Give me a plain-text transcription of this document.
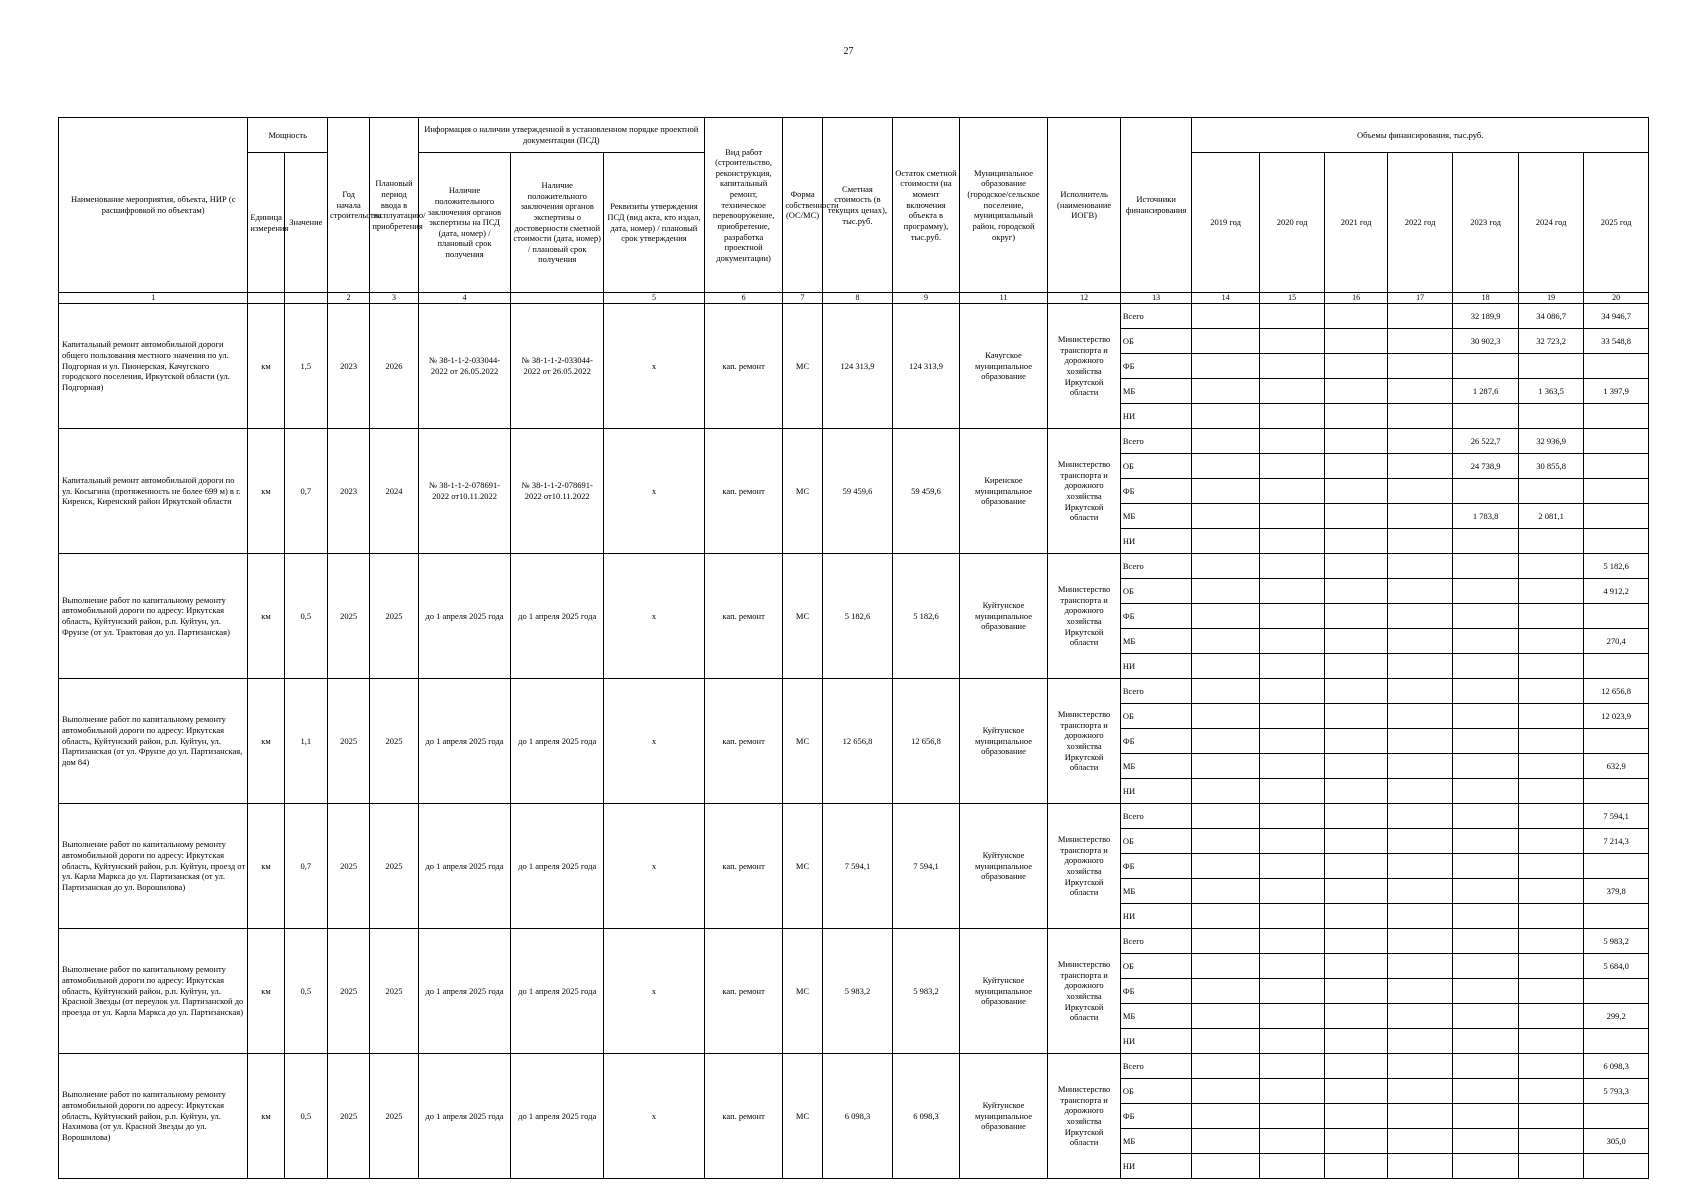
27
Наименование мероприятия, объекта, НИР (с расшифровкой по объектам)	Мощность		Год начала строительства	Плановый период ввода в эксплуатацию/приобретения	Информация о наличии утвержденной в установленном порядке проектной документации (ПСД)			Вид работ (строительство, реконструкция, капитальный ремонт, техническое перевооружение, приобретение, разработка проектной документации)	Форма собственности (ОС/МС)	Сметная стоимость (в текущих ценах), тыс.руб.	Остаток сметной стоимости (на момент включения объекта в программу), тыс.руб.	Муниципальное образование (городское/сельское поселение, муниципальный район, городской округ)	Исполнитель (наименование ИОГВ)	Источники финансирования	Объемы финансирования, тыс.руб.						
	Единица измерения	Значение			Наличие положительного заключения органов экспертизы на ПСД (дата, номер) / плановый срок получения	Наличие положительного заключения органов экспертизы о достоверности сметной стоимости (дата, номер) / плановый срок получения	Реквизиты утверждения ПСД (вид акта, кто издал, дата, номер) / плановый срок утверждения								2019 год	2020 год	2021 год	2022 год	2023 год	2024 год	2025 год
1			2	3	4		5	6	7	8	9	11	12	13	14	15	16	17	18	19	20
Капитальный ремонт автомобильной дороги общего пользования местного значения по ул. Подгорная и ул. Пионерская, Качугского городского поселения, Иркутской области (ул. Подгорная)	км	1,5	2023	2026	№ 38-1-1-2-033044-2022 от 26.05.2022	№ 38-1-1-2-033044-2022 от 26.05.2022	х	кап. ремонт	МС	124 313,9	124 313,9	Качугское муниципальное образование	Министерство транспорта и дорожного хозяйства Иркутской области	Всего					32 189,9	34 086,7	34 946,7
														ОБ					30 902,3	32 723,2	33 548,8
														ФБ							
														МБ					1 287,6	1 363,5	1 397,9
														НИ							
Капитальный ремонт автомобильной дороги по ул. Косыгина (протяженность не более 699 м) в г. Киренск, Киренский район Иркутской области	км	0,7	2023	2024	№ 38-1-1-2-078691-2022 от10.11.2022	№ 38-1-1-2-078691-2022 от10.11.2022	х	кап. ремонт	МС	59 459,6	59 459,6	Киренское муниципальное образование	Министерство транспорта и дорожного хозяйства Иркутской области	Всего					26 522,7	32 936,9	
														ОБ					24 738,9	30 855,8	
														ФБ							
														МБ					1 783,8	2 081,1	
														НИ							
Выполнение работ по капитальному ремонту автомобильной дороги по адресу: Иркутская область, Куйтунский район, р.п. Куйтун, ул. Фрунзе (от ул. Трактовая до ул. Партизанская)	км	0,5	2025	2025	до 1 апреля 2025 года	до 1 апреля 2025 года	х	кап. ремонт	МС	5 182,6	5 182,6	Куйтунское муниципальное образование	Министерство транспорта и дорожного хозяйства Иркутской области	Всего							5 182,6
														ОБ							4 912,2
														ФБ							
														МБ							270,4
														НИ							
Выполнение работ по капитальному ремонту автомобильной дороги по адресу: Иркутская область, Куйтунский район, р.п. Куйтун, ул. Партизанская (от ул. Фрунзе до ул. Партизанская, дом 84)	км	1,1	2025	2025	до 1 апреля 2025 года	до 1 апреля 2025 года	х	кап. ремонт	МС	12 656,8	12 656,8	Куйтунское муниципальное образование	Министерство транспорта и дорожного хозяйства Иркутской области	Всего							12 656,8
														ОБ							12 023,9
														ФБ							
														МБ							632,9
														НИ							
Выполнение работ по капитальному ремонту автомобильной дороги по адресу: Иркутская область, Куйтунский район, р.п. Куйтун, проезд от ул. Карла Маркса до ул. Партизанская (от ул. Партизанская до ул. Ворошилова)	км	0,7	2025	2025	до 1 апреля 2025 года	до 1 апреля 2025 года	х	кап. ремонт	МС	7 594,1	7 594,1	Куйтунское муниципальное образование	Министерство транспорта и дорожного хозяйства Иркутской области	Всего							7 594,1
														ОБ							7 214,3
														ФБ							
														МБ							379,8
														НИ							
Выполнение работ по капитальному ремонту автомобильной дороги по адресу: Иркутская область, Куйтунский район, р.п. Куйтун, ул. Красной Звезды (от переулок ул. Партизанской до проезда от ул. Карла Маркса до ул. Партизанская)	км	0,5	2025	2025	до 1 апреля 2025 года	до 1 апреля 2025 года	х	кап. ремонт	МС	5 983,2	5 983,2	Куйтунское муниципальное образование	Министерство транспорта и дорожного хозяйства Иркутской области	Всего							5 983,2
														ОБ							5 684,0
														ФБ							
														МБ							299,2
														НИ							
Выполнение работ по капитальному ремонту автомобильной дороги по адресу: Иркутская область, Куйтунский район, р.п. Куйтун, ул. Нахимова (от ул. Красной Звезды до ул. Ворошилова)	км	0,5	2025	2025	до 1 апреля 2025 года	до 1 апреля 2025 года	х	кап. ремонт	МС	6 098,3	6 098,3	Куйтунское муниципальное образование	Министерство транспорта и дорожного хозяйства Иркутской области	Всего							6 098,3
														ОБ							5 793,3
														ФБ							
														МБ							305,0
														НИ							
